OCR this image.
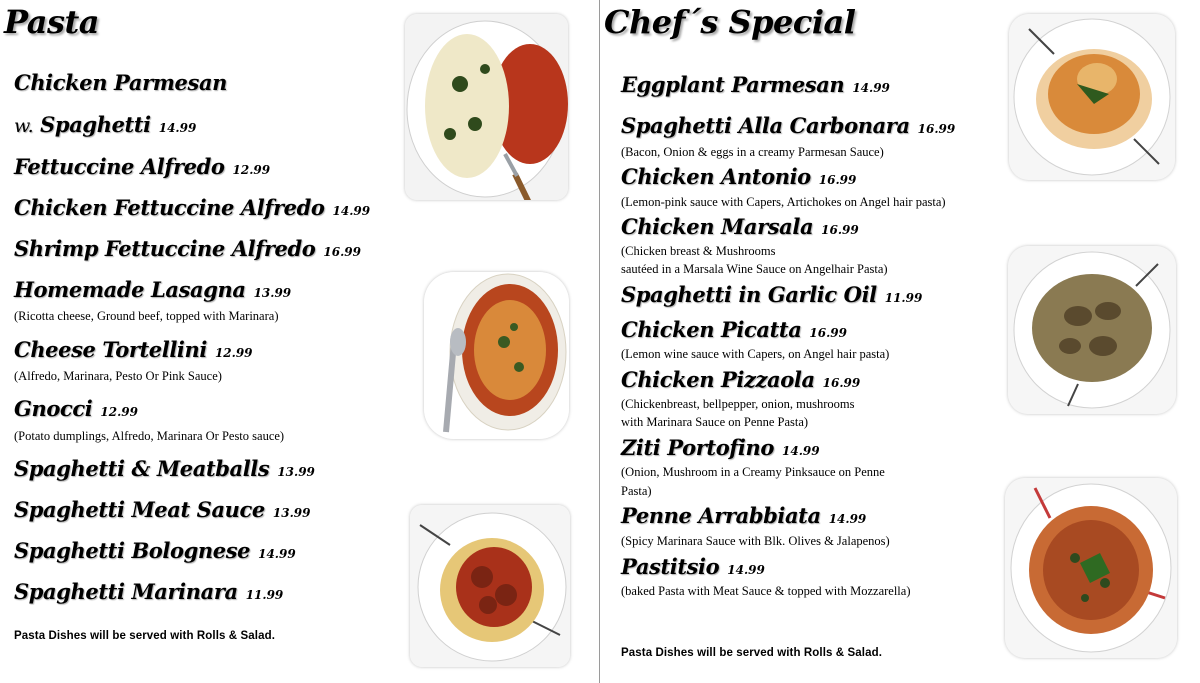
Pasta
Chicken Parmesan
w. Spaghetti 14.99
Fettuccine Alfredo 12.99
Chicken Fettuccine Alfredo 14.99
Shrimp Fettuccine Alfredo 16.99
Homemade Lasagna 13.99
(Ricotta cheese, Ground beef, topped with Marinara)
Cheese Tortellini 12.99
(Alfredo, Marinara, Pesto Or Pink Sauce)
Gnocci 12.99
(Potato dumplings, Alfredo, Marinara Or Pesto sauce)
Spaghetti & Meatballs 13.99
Spaghetti Meat Sauce 13.99
Spaghetti Bolognese 14.99
Spaghetti Marinara 11.99
Pasta Dishes will be served with Rolls & Salad.
Chef´s Special
Eggplant Parmesan 14.99
Spaghetti Alla Carbonara 16.99
(Bacon, Onion & eggs in a creamy Parmesan Sauce)
Chicken Antonio 16.99
(Lemon-pink sauce with Capers, Artichokes on Angel hair pasta)
Chicken Marsala 16.99
(Chicken breast & Mushrooms
sautéed in a Marsala Wine Sauce on Angelhair Pasta)
Spaghetti in Garlic Oil 11.99
Chicken Picatta 16.99
(Lemon wine sauce with Capers, on Angel hair pasta)
Chicken Pizzaola 16.99
(Chickenbreast, bellpepper, onion, mushrooms
with Marinara Sauce on Penne Pasta)
Ziti Portofino 14.99
(Onion, Mushroom in a Creamy Pinksauce on Penne
Pasta)
Penne Arrabbiata 14.99
(Spicy Marinara Sauce with Blk. Olives & Jalapenos)
Pastitsio 14.99
(baked Pasta with Meat Sauce & topped with Mozzarella)
Pasta Dishes will be served with Rolls & Salad.
